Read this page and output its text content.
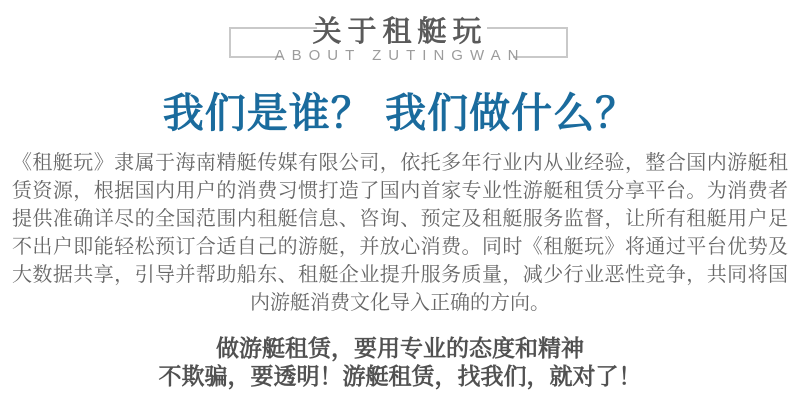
关于租艇玩
ABOUT ZUTINGWAN
我们是谁？ 我们做什么？
《租艇玩》隶属于海南精艇传媒有限公司，依托多年行业内从业经验，整合国内游艇租
赁资源，根据国内用户的消费习惯打造了国内首家专业性游艇租赁分享平台。为消费者
提供准确详尽的全国范围内租艇信息、咨询、预定及租艇服务监督，让所有租艇用户足
不出户即能轻松预订合适自己的游艇，并放心消费。同时《租艇玩》将通过平台优势及
大数据共享，引导并帮助船东、租艇企业提升服务质量，减少行业恶性竞争，共同将国
内游艇消费文化导入正确的方向。
做游艇租赁，要用专业的态度和精神
不欺骗，要透明！游艇租赁，找我们，就对了！
